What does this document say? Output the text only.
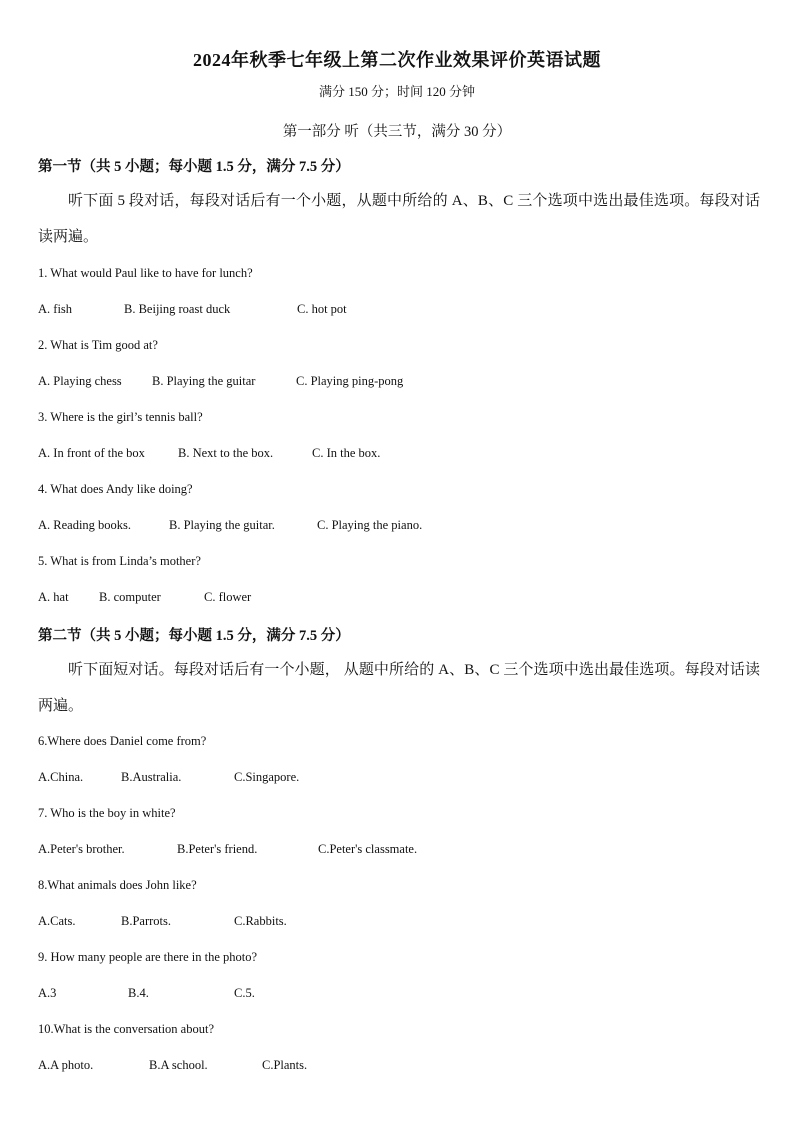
2024年秋季七年级上第二次作业效果评价英语试题
满分 150 分；时间 120 分钟
第一部分 听（共三节，满分 30 分）
第一节（共 5 小题；每小题 1.5 分，满分 7.5 分）
听下面 5 段对话，每段对话后有一个小题，从题中所给的 A、B、C 三个选项中选出最佳选项。每段对话读两遍。
1. What would Paul like to have for lunch?
A. fish	B. Beijing roast duck	C. hot pot
2. What is Tim good at?
A. Playing chess B. Playing the guitar	C. Playing ping-pong
3. Where is the girl’s tennis ball?
A. In front of the box	B. Next to the box.	C. In the box.
4. What does Andy like doing?
A. Reading books.	B. Playing the guitar.	C. Playing the piano.
5. What is from Linda’s mother?
A. hat B. computer	C. flower
第二节（共 5 小题；每小题 1.5 分，满分 7.5 分）
听下面短对话。每段对话后有一个小题， 从题中所给的 A、B、C 三个选项中选出最佳选项。每段对话读两遍。
6.Where does Daniel come from?
A.China.	B.Australia.	C.Singapore.
7. Who is the boy in white?
A.Peter's brother.	B.Peter's friend.	C.Peter's classmate.
8.What animals does John like?
A.Cats.	B.Parrots.	C.Rabbits.
9. How many people are there in the photo?
A.3	B.4.	C.5.
10.What is the conversation about?
A.A photo.	B.A school.	C.Plants.
